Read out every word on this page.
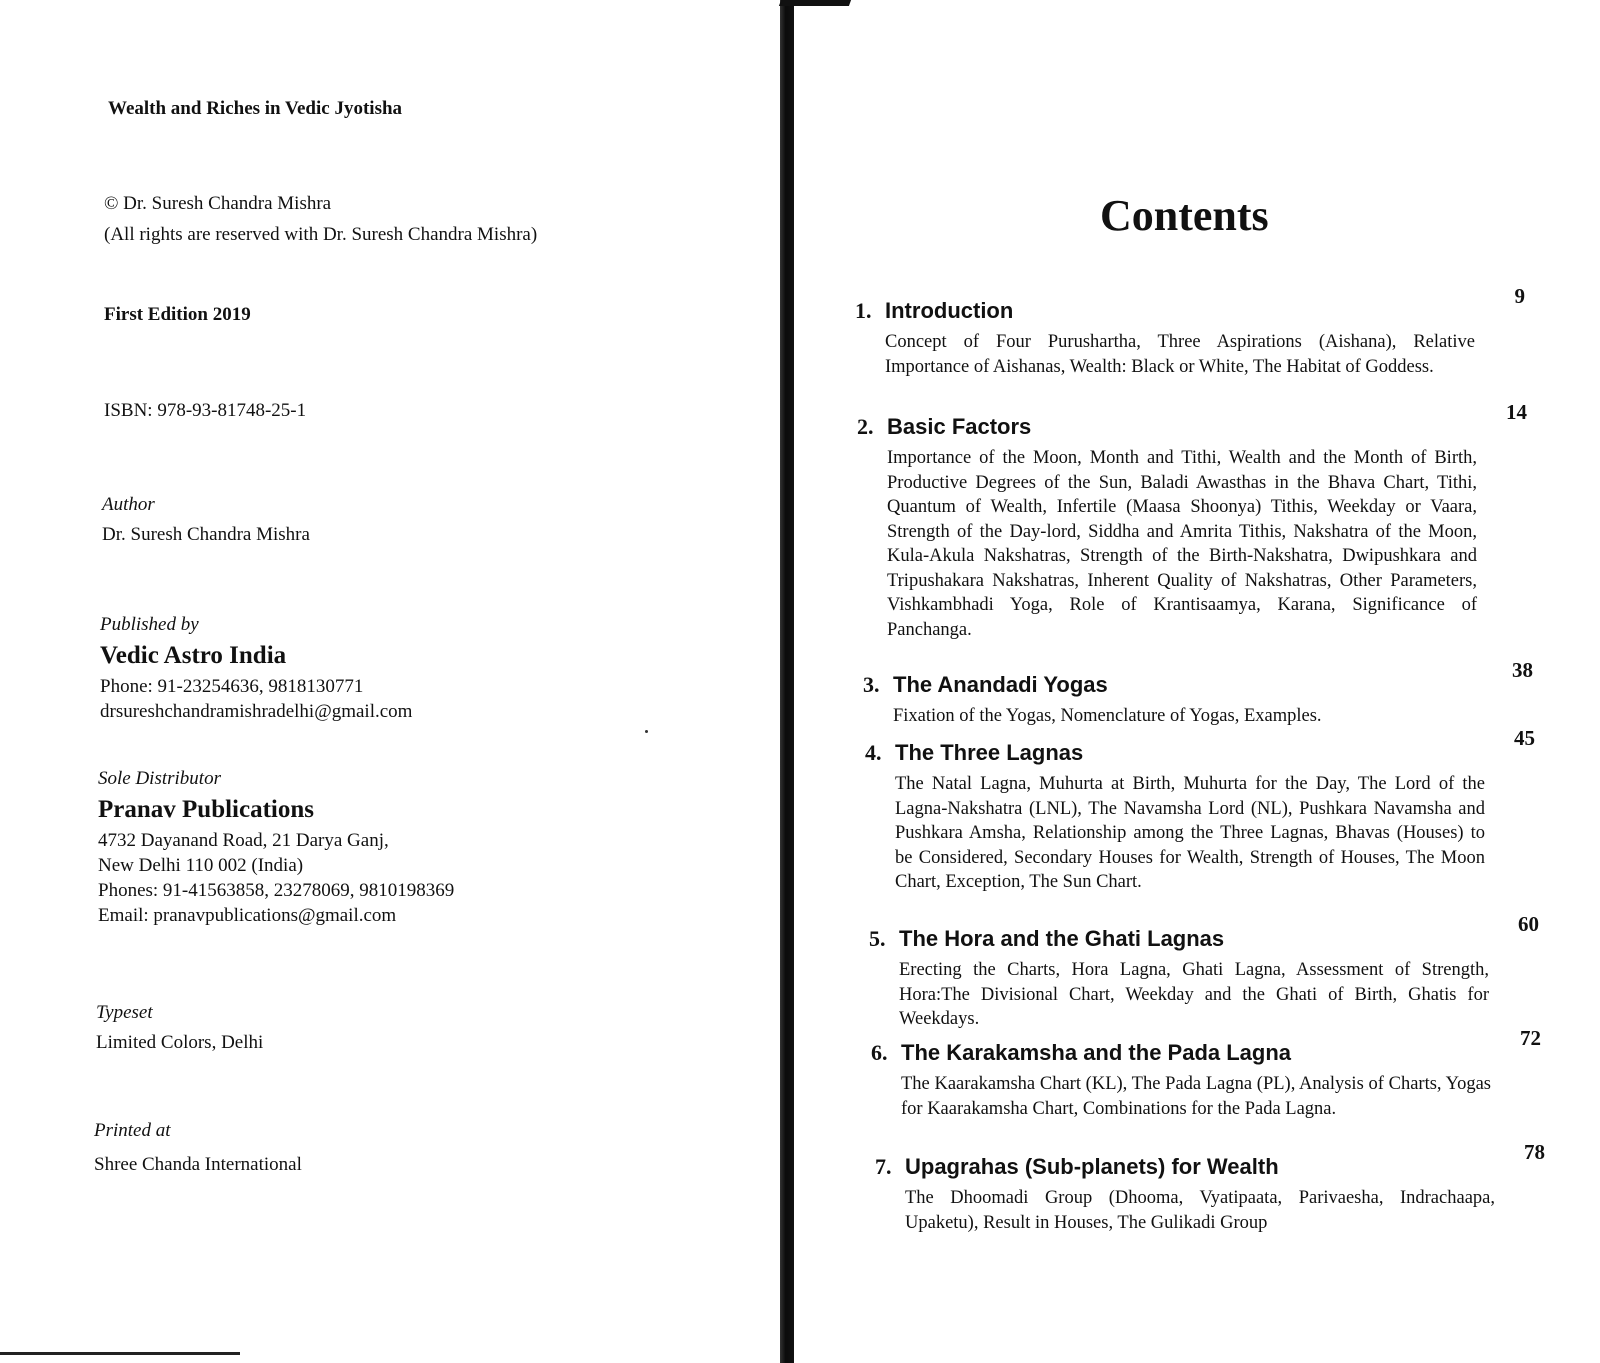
Wealth and Riches in Vedic Jyotisha
© Dr. Suresh Chandra Mishra
(All rights are reserved with Dr. Suresh Chandra Mishra)
First Edition 2019
ISBN: 978-93-81748-25-1
Author
Dr. Suresh Chandra Mishra
Published by
Vedic Astro India
Phone: 91-23254636, 9818130771
drsureshchandramishradelhi@gmail.com
Sole Distributor
Pranav Publications
4732 Dayanand Road, 21 Darya Ganj,
New Delhi 110 002 (India)
Phones: 91-41563858, 23278069, 9810198369
Email: pranavpublications@gmail.com
Typeset
Limited Colors, Delhi
Printed at
Shree Chanda International
Contents
1. Introduction
9
Concept of Four Purushartha, Three Aspirations (Aishana), Relative Importance of Aishanas, Wealth: Black or White, The Habitat of Goddess.
2. Basic Factors
14
Importance of the Moon, Month and Tithi, Wealth and the Month of Birth, Productive Degrees of the Sun, Baladi Awasthas in the Bhava Chart, Tithi, Quantum of Wealth, Infertile (Maasa Shoonya) Tithis, Weekday or Vaara, Strength of the Day-lord, Siddha and Amrita Tithis, Nakshatra of the Moon, Kula-Akula Nakshatras, Strength of the Birth-Nakshatra, Dwipushkara and Tripushakara Nakshatras, Inherent Quality of Nakshatras, Other Parameters, Vishkambhadi Yoga, Role of Krantisaamya, Karana, Significance of Panchanga.
3. The Anandadi Yogas
38
Fixation of the Yogas, Nomenclature of Yogas, Examples.
4. The Three Lagnas
45
The Natal Lagna, Muhurta at Birth, Muhurta for the Day, The Lord of the Lagna-Nakshatra (LNL), The Navamsha Lord (NL), Pushkara Navamsha and Pushkara Amsha, Relationship among the Three Lagnas, Bhavas (Houses) to be Considered, Secondary Houses for Wealth, Strength of Houses, The Moon Chart, Exception, The Sun Chart.
5. The Hora and the Ghati Lagnas
60
Erecting the Charts, Hora Lagna, Ghati Lagna, Assessment of Strength, Hora:The Divisional Chart, Weekday and the Ghati of Birth, Ghatis for Weekdays.
6. The Karakamsha and the Pada Lagna
72
The Kaarakamsha Chart (KL), The Pada Lagna (PL), Analysis of Charts, Yogas for Kaarakamsha Chart, Combinations for the Pada Lagna.
7. Upagrahas (Sub-planets) for Wealth
78
The Dhoomadi Group (Dhooma, Vyatipaata, Parivaesha, Indrachaapa, Upaketu), Result in Houses, The Gulikadi Group
